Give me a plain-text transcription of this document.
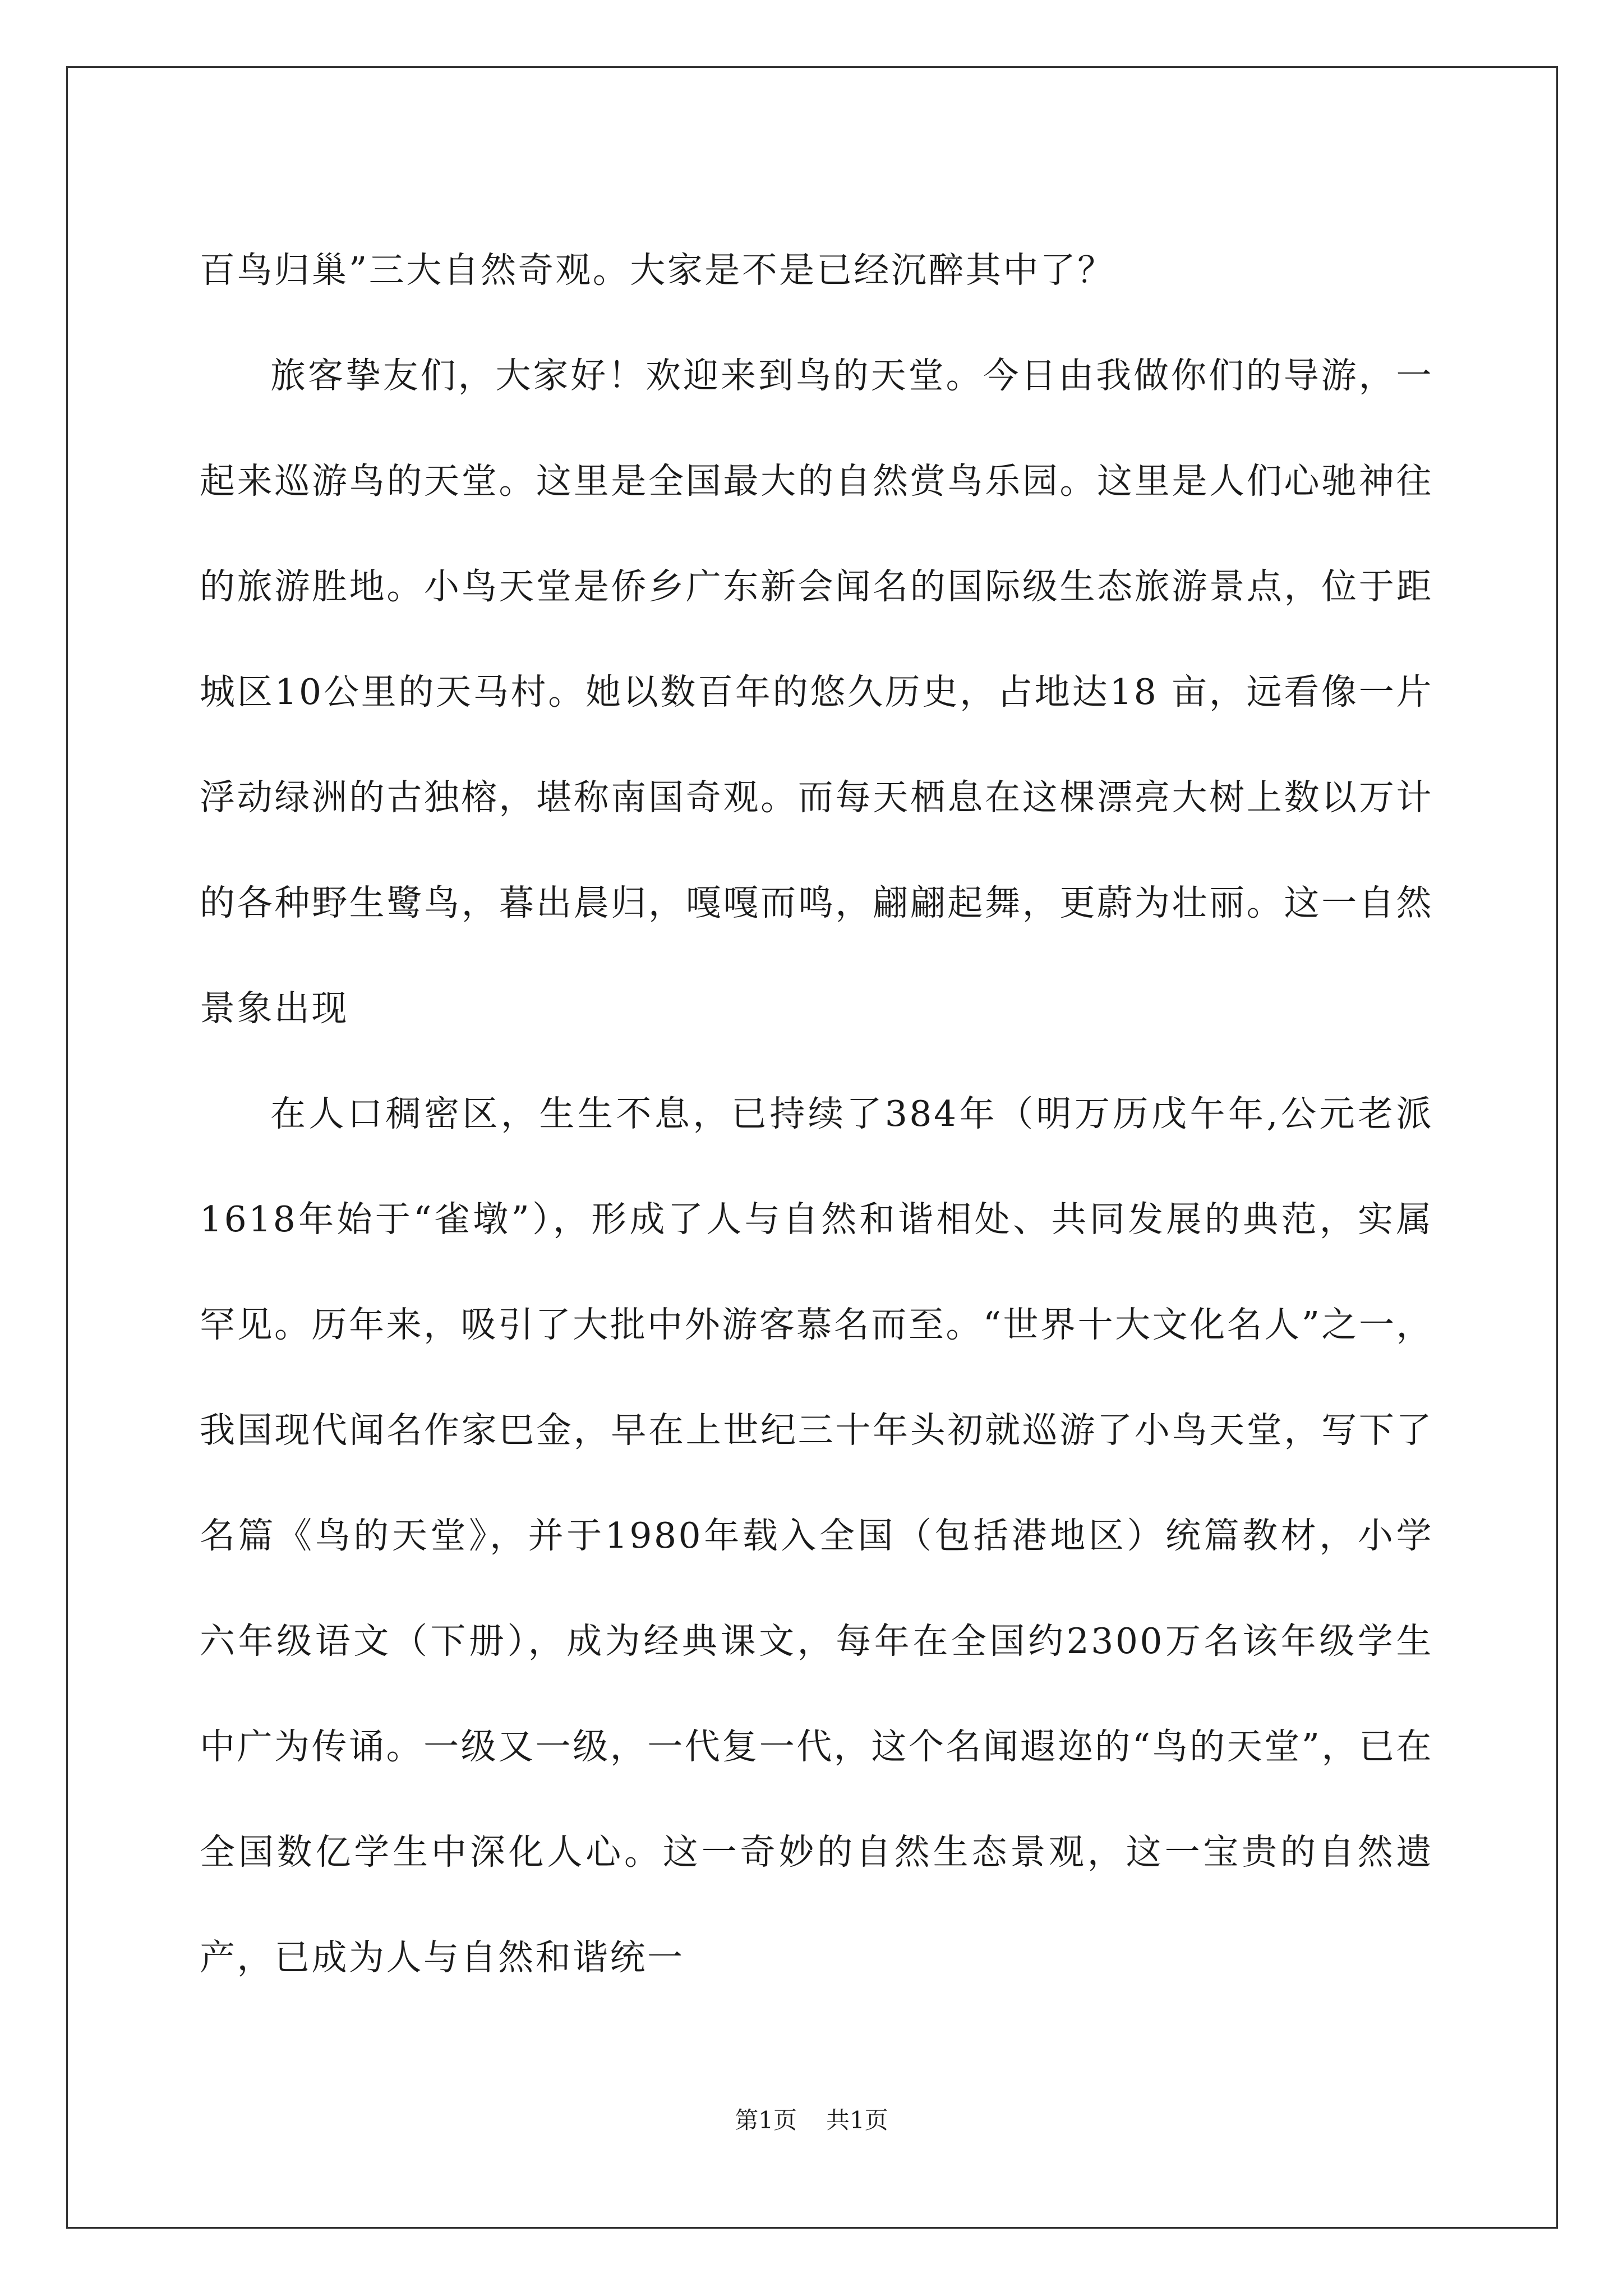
百鸟归巢”三大自然奇观。大家是不是已经沉醉其中了？

旅客挚友们，大家好！欢迎来到鸟的天堂。今日由我做你们的导游，一起来巡游鸟的天堂。这里是全国最大的自然赏鸟乐园。这里是人们心驰神往的旅游胜地。小鸟天堂是侨乡广东新会闻名的国际级生态旅游景点，位于距城区10公里的天马村。她以数百年的悠久历史，占地达18 亩，远看像一片浮动绿洲的古独榕，堪称南国奇观。而每天栖息在这棵漂亮大树上数以万计的各种野生鹭鸟，暮出晨归，嘎嘎而鸣，翩翩起舞，更蔚为壮丽。这一自然景象出现

在人口稠密区，生生不息，已持续了384年（明万历戊午年,公元老派1618年始于“雀墩”），形成了人与自然和谐相处、共同发展的典范，实属罕见。历年来，吸引了大批中外游客慕名而至。“世界十大文化名人”之一，我国现代闻名作家巴金，早在上世纪三十年头初就巡游了小鸟天堂，写下了名篇《鸟的天堂》，并于1980年载入全国（包括港地区）统篇教材，小学六年级语文（下册），成为经典课文，每年在全国约2300万名该年级学生中广为传诵。一级又一级，一代复一代，这个名闻遐迩的“鸟的天堂”，已在全国数亿学生中深化人心。这一奇妙的自然生态景观，这一宝贵的自然遗产，已成为人与自然和谐统一

第1页 共1页
